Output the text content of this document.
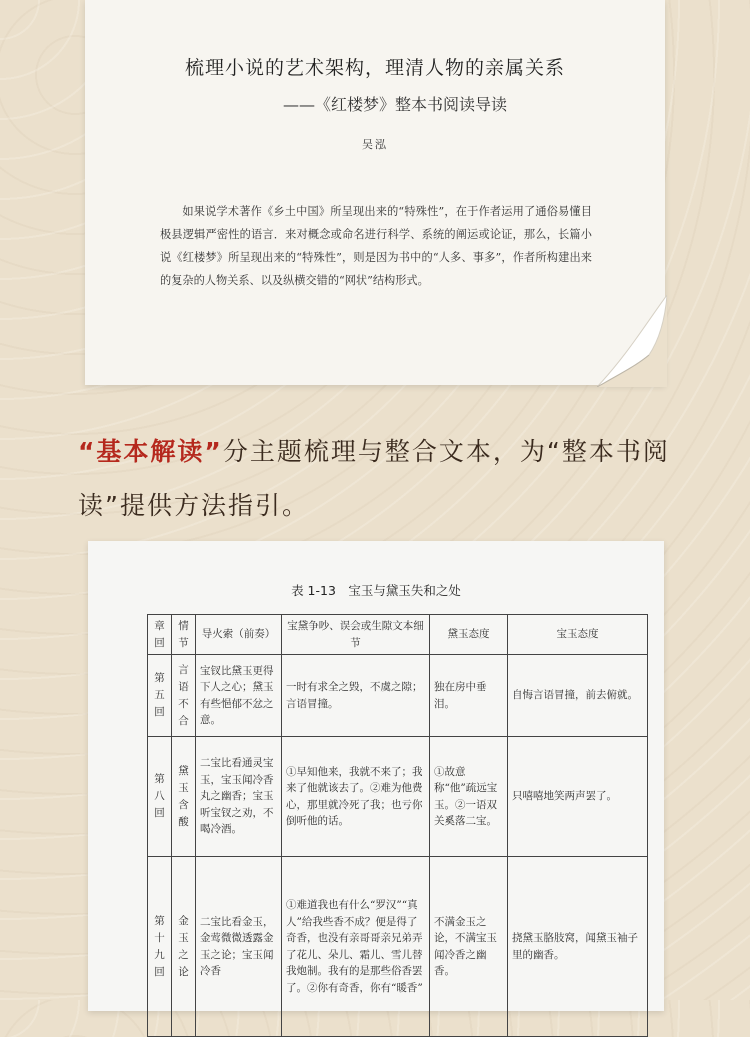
梳理小说的艺术架构，理清人物的亲属关系
——《红楼梦》整本书阅读导读
吴泓

如果说学术著作《乡土中国》所呈现出来的“特殊性”，在于作者运用了通俗易懂目极县逻辑严密性的语言．来对概念或命名进行科学、系统的阐运或论证，那么，长篇小说《红楼梦》所呈现出来的“特殊性”，则是因为书中的“人多、事多”，作者所构建出来的复杂的人物关系、以及纵横交错的“网状”结构形式。

“基本解读”分主题梳理与整合文本，为“整本书阅读”提供方法指引。

表 1-13　宝玉与黛玉失和之处
章回	情节	导火索（前奏）	宝黛争吵、误会或生隙文本细节	黛玉态度	宝玉态度

第五回	言语不合	宝钗比黛玉更得下人之心；黛玉有些悒郁不忿之意。	一时有求全之毁，不虞之隙；言语冒撞。	独在房中垂泪。	自悔言语冒撞，前去俯就。

第八回	黛玉含酸	二宝比看通灵宝玉，宝玉闻冷香丸之幽香；宝玉听宝钗之劝，不喝冷酒。	①早知他来，我就不来了；我来了他就该去了。②难为他费心，那里就冷死了我；也亏你倒听他的话。	①故意称“他”疏远宝玉。②一语双关奚落二宝。	只嘻嘻地笑两声罢了。

第十九回	金玉之论	二宝比看金玉，金莺微微透露金玉之论；宝玉闻冷香	①难道我也有什么“罗汉”“真人”给我些香不成？便是得了奇香，也没有亲哥哥亲兄弟弄了花儿、朵儿、霜儿、雪儿替我炮制。我有的是那些俗香罢了。②你有奇香，你有“暖香”	不满金玉之论，不满宝玉闻冷香之幽香。	挠黛玉胳肢窝，闻黛玉袖子里的幽香。
